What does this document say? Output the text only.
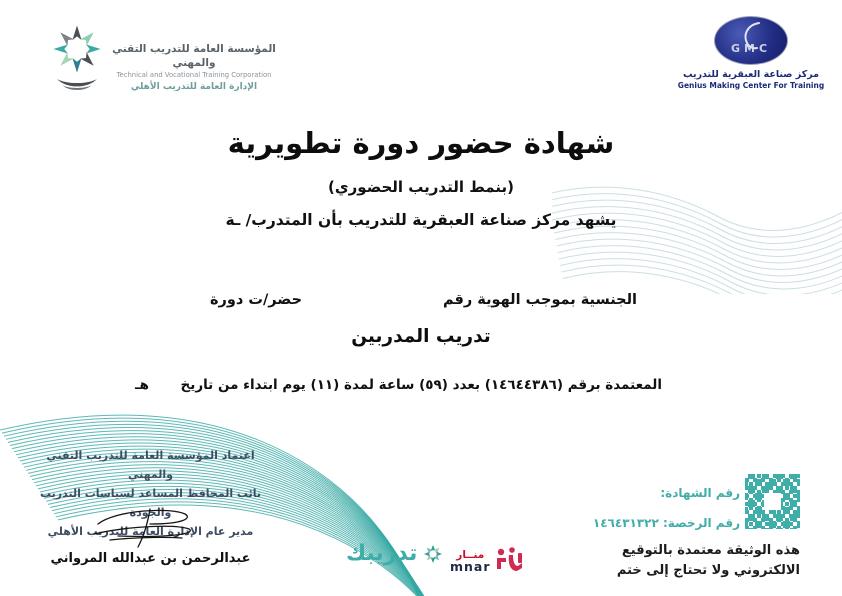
المؤسسة العامة للتدريب التقني والمهني
Technical and Vocational Training Corporation
الإدارة العامة للتدريب الأهلي
GMC
مركز صناعة العبقرية للتدريب
Genius Making Center For Training
شهادة حضور دورة تطويرية
(بنمط التدريب الحضوري)
يشهد مركز صناعة العبقرية للتدريب بأن المتدرب/ ـة
الجنسية بموجب الهوية رقم
حضر/ت دورة
تدريب المدربين
المعتمدة برقم (١٤٦٤٤٣٨٦) بعدد (٥٩) ساعة لمدة (١١) يوم ابتداء من تاريخ
هـ
اعتماد المؤسسة العامة للتدريب التقني والمهني
نائب المحافظ المساعد لسياسات التدريب والجودة
مدير عام الإدارة العامة للتدريب الأهلي
عبدالرحمن بن عبدالله المرواني	تدريبك	منــار
mnar
رقم الشهادة:
رقم الرخصة: ١٤٦٤٣١٣٢٢
هذه الوثيقة معتمدة بالتوقيع
الالكتروني ولا تحتاج إلى ختم
